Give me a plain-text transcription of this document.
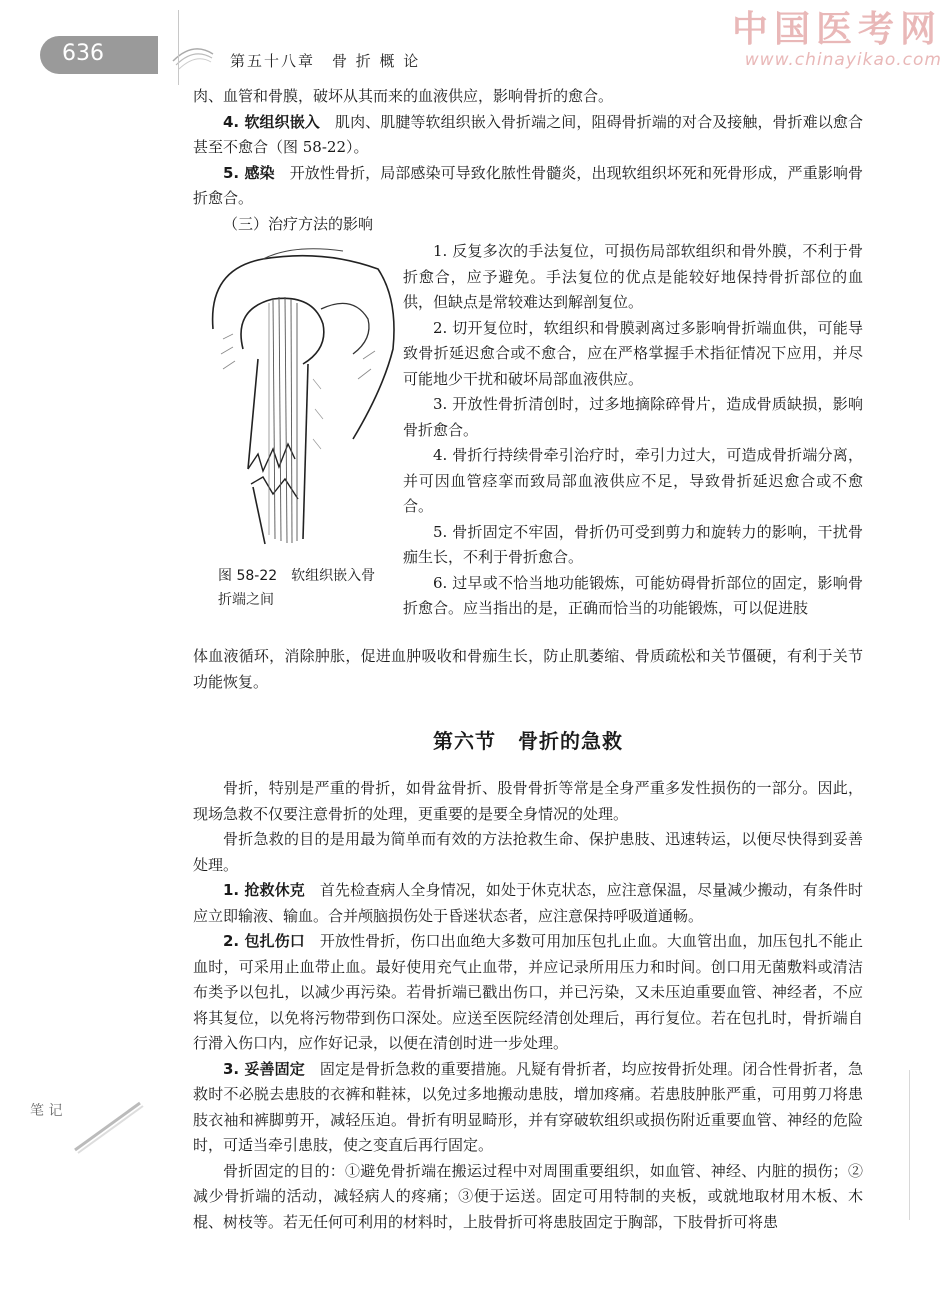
636	第五十八章　骨 折 概 论
中国医考网
www.chinayikao.com

肉、血管和骨膜，破坏从其而来的血液供应，影响骨折的愈合。

4. 软组织嵌入　肌肉、肌腱等软组织嵌入骨折端之间，阻碍骨折端的对合及接触，骨折难以愈合甚至不愈合（图 58-22）。

5. 感染　开放性骨折，局部感染可导致化脓性骨髓炎，出现软组织坏死和死骨形成，严重影响骨折愈合。

（三）治疗方法的影响

图 58-22　软组织嵌入骨
折端之间

1. 反复多次的手法复位，可损伤局部软组织和骨外膜，不利于骨折愈合，应予避免。手法复位的优点是能较好地保持骨折部位的血供，但缺点是常较难达到解剖复位。

2. 切开复位时，软组织和骨膜剥离过多影响骨折端血供，可能导致骨折延迟愈合或不愈合，应在严格掌握手术指征情况下应用，并尽可能地少干扰和破坏局部血液供应。

3. 开放性骨折清创时，过多地摘除碎骨片，造成骨质缺损，影响骨折愈合。

4. 骨折行持续骨牵引治疗时，牵引力过大，可造成骨折端分离，并可因血管痉挛而致局部血液供应不足，导致骨折延迟愈合或不愈合。

5. 骨折固定不牢固，骨折仍可受到剪力和旋转力的影响，干扰骨痂生长，不利于骨折愈合。

6. 过早或不恰当地功能锻炼，可能妨碍骨折部位的固定，影响骨折愈合。应当指出的是，正确而恰当的功能锻炼，可以促进肢

体血液循环，消除肿胀，促进血肿吸收和骨痂生长，防止肌萎缩、骨质疏松和关节僵硬，有利于关节功能恢复。

第六节 骨折的急救

骨折，特别是严重的骨折，如骨盆骨折、股骨骨折等常是全身严重多发性损伤的一部分。因此，现场急救不仅要注意骨折的处理，更重要的是要全身情况的处理。

骨折急救的目的是用最为简单而有效的方法抢救生命、保护患肢、迅速转运，以便尽快得到妥善处理。

1. 抢救休克　首先检查病人全身情况，如处于休克状态，应注意保温，尽量减少搬动，有条件时应立即输液、输血。合并颅脑损伤处于昏迷状态者，应注意保持呼吸道通畅。

2. 包扎伤口　开放性骨折，伤口出血绝大多数可用加压包扎止血。大血管出血，加压包扎不能止血时，可采用止血带止血。最好使用充气止血带，并应记录所用压力和时间。创口用无菌敷料或清洁布类予以包扎，以减少再污染。若骨折端已戳出伤口，并已污染，又未压迫重要血管、神经者，不应将其复位，以免将污物带到伤口深处。应送至医院经清创处理后，再行复位。若在包扎时，骨折端自行滑入伤口内，应作好记录，以便在清创时进一步处理。

3. 妥善固定　固定是骨折急救的重要措施。凡疑有骨折者，均应按骨折处理。闭合性骨折者，急救时不必脱去患肢的衣裤和鞋袜，以免过多地搬动患肢，增加疼痛。若患肢肿胀严重，可用剪刀将患肢衣袖和裤脚剪开，减轻压迫。骨折有明显畸形，并有穿破软组织或损伤附近重要血管、神经的危险时，可适当牵引患肢，使之变直后再行固定。

骨折固定的目的：①避免骨折端在搬运过程中对周围重要组织，如血管、神经、内脏的损伤；②减少骨折端的活动，减轻病人的疼痛；③便于运送。固定可用特制的夹板，或就地取材用木板、木棍、树枝等。若无任何可利用的材料时，上肢骨折可将患肢固定于胸部，下肢骨折可将患

笔 记
